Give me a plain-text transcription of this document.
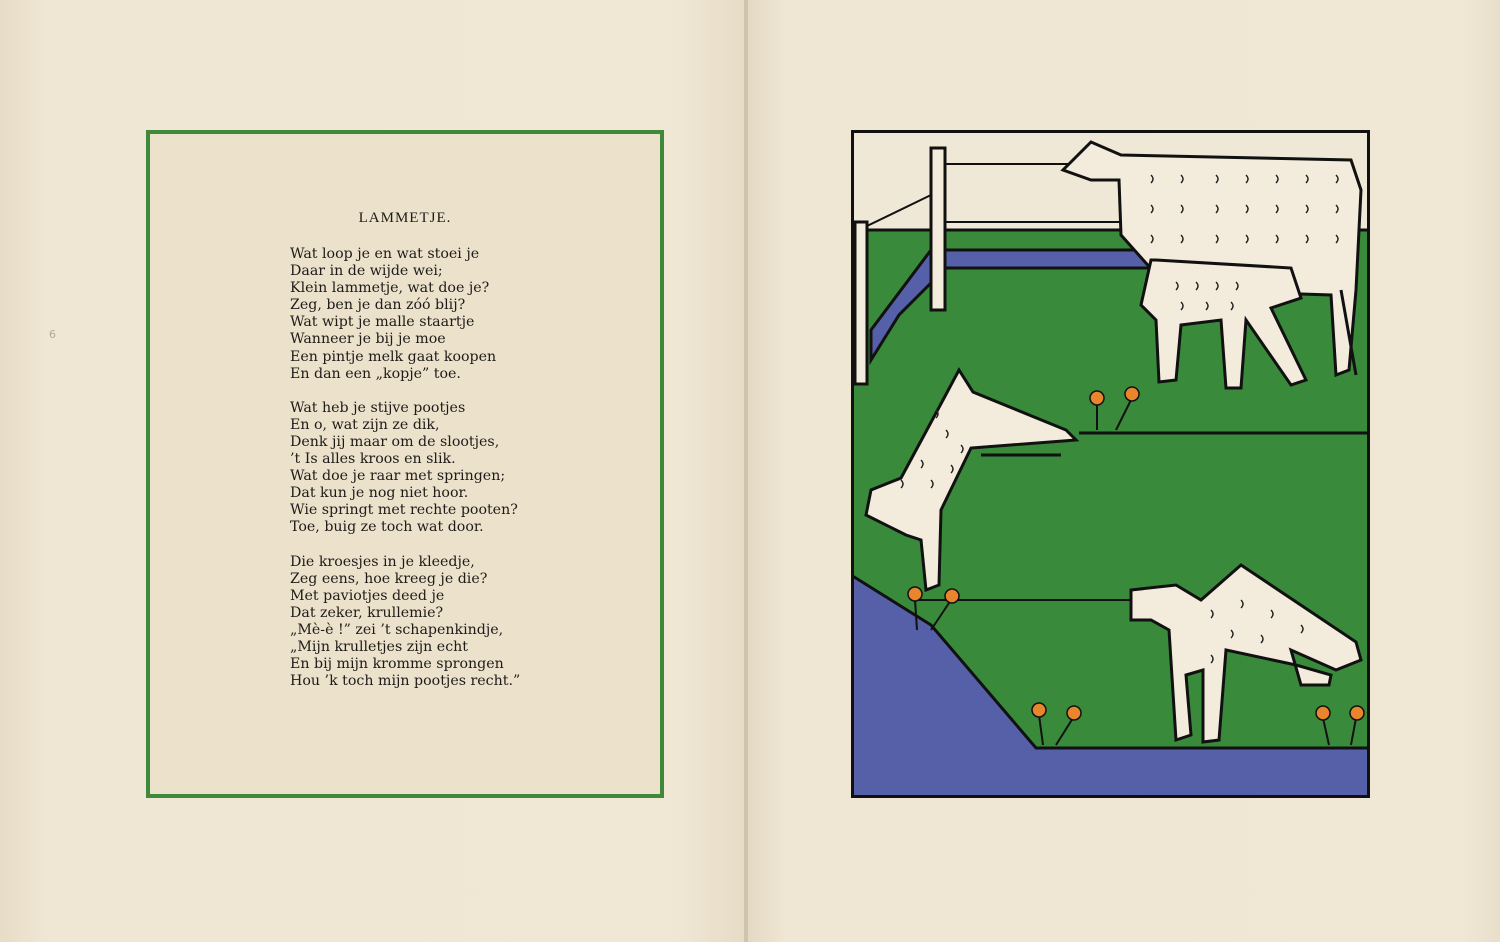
6
LAMMETJE.
Wat loop je en wat stoei je
Daar in de wijde wei;
Klein lammetje, wat doe je?
Zeg, ben je dan zóó blij?
Wat wipt je malle staartje
Wanneer je bij je moe
Een pintje melk gaat koopen
En dan een „kopje” toe.
Wat heb je stijve pootjes
En o, wat zijn ze dik,
Denk jij maar om de slootjes,
’t Is alles kroos en slik.
Wat doe je raar met springen;
Dat kun je nog niet hoor.
Wie springt met rechte pooten?
Toe, buig ze toch wat door.
Die kroesjes in je kleedje,
Zeg eens, hoe kreeg je die?
Met paviotjes deed je
Dat zeker, krullemie?
„Mè-è !” zei ’t schapenkindje,
„Mijn krulletjes zijn echt
En bij mijn kromme sprongen
Hou ’k toch mijn pootjes recht.”
